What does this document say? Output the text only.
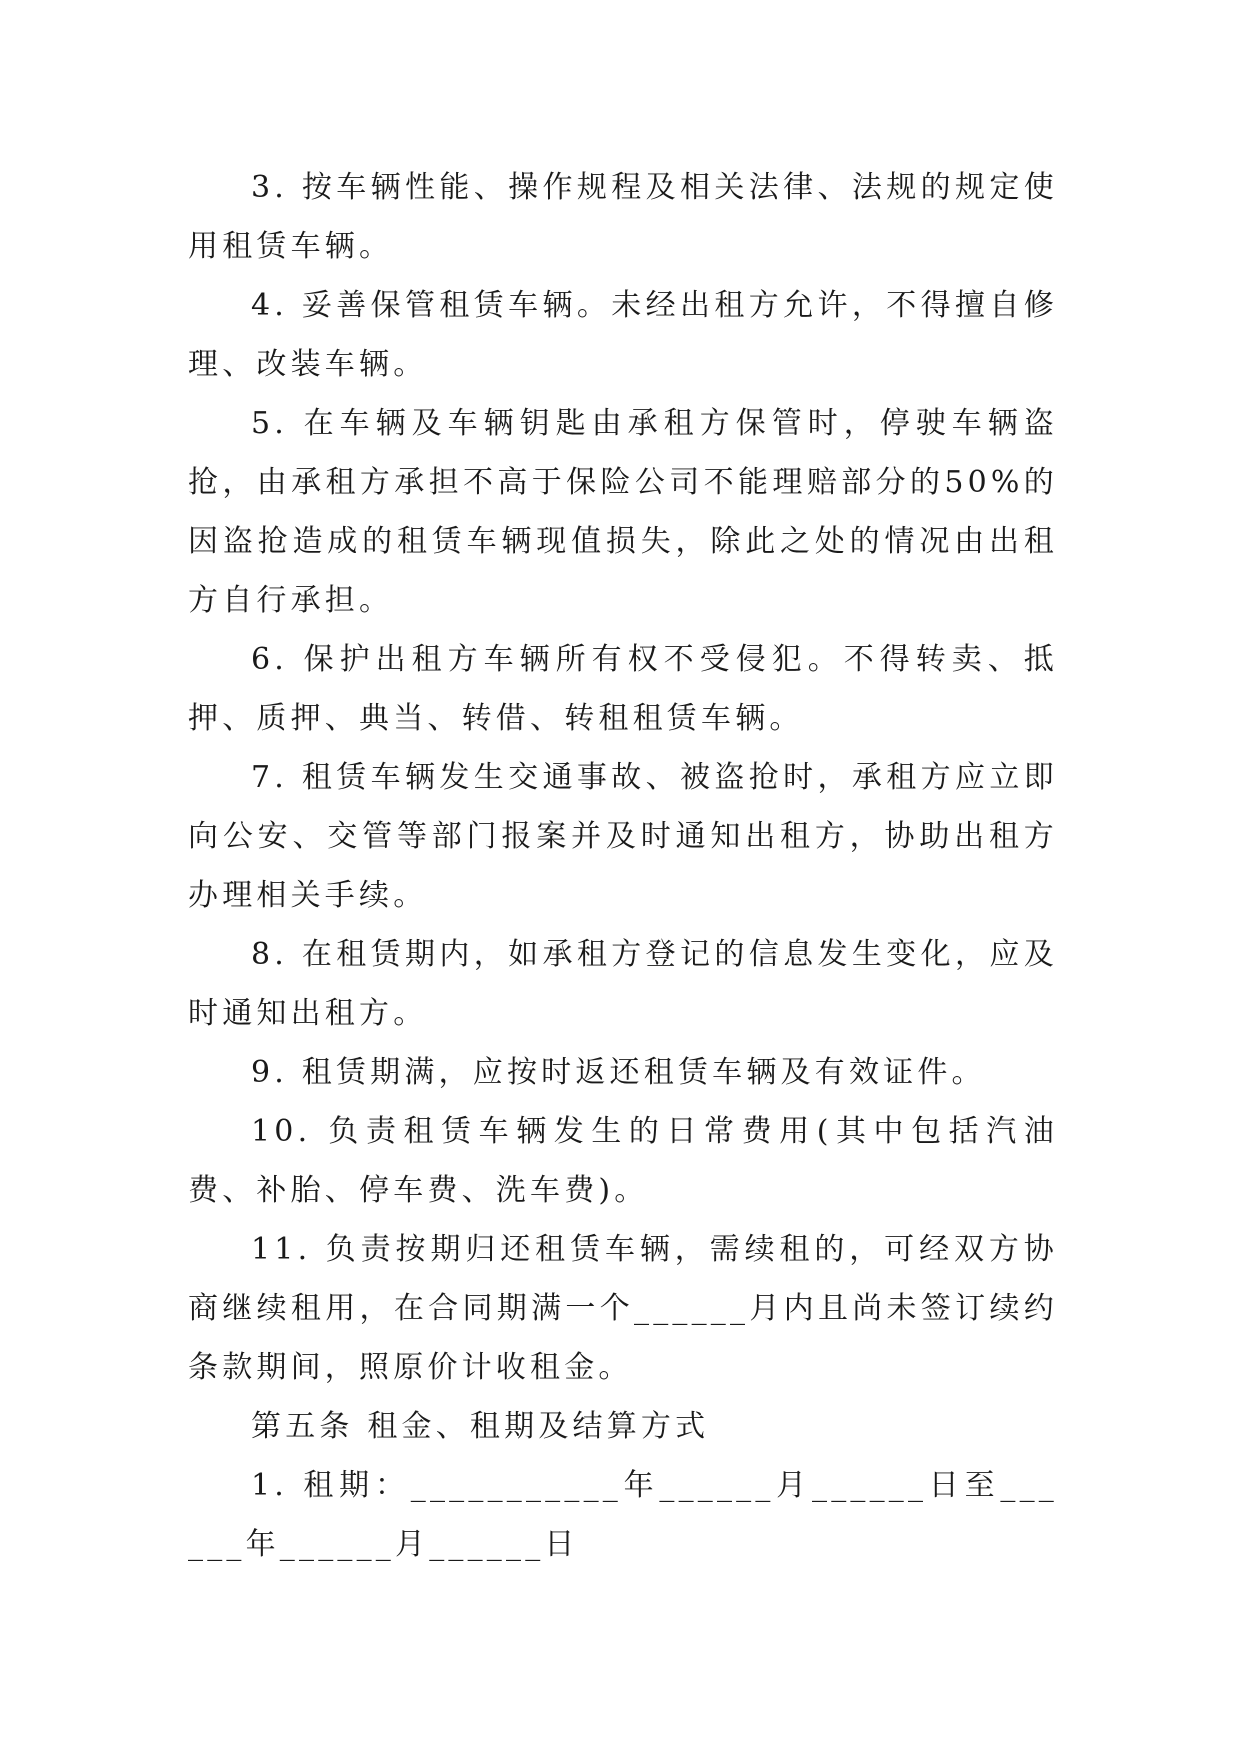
3. 按车辆性能、操作规程及相关法律、法规的规定使用租赁车辆。

4. 妥善保管租赁车辆。未经出租方允许，不得擅自修理、改装车辆。

5. 在车辆及车辆钥匙由承租方保管时，停驶车辆盗抢，由承租方承担不高于保险公司不能理赔部分的50%的因盗抢造成的租赁车辆现值损失，除此之处的情况由出租方自行承担。

6. 保护出租方车辆所有权不受侵犯。不得转卖、抵押、质押、典当、转借、转租租赁车辆。

7. 租赁车辆发生交通事故、被盗抢时，承租方应立即向公安、交管等部门报案并及时通知出租方，协助出租方办理相关手续。

8. 在租赁期内，如承租方登记的信息发生变化，应及时通知出租方。

9. 租赁期满，应按时返还租赁车辆及有效证件。

10. 负责租赁车辆发生的日常费用(其中包括汽油费、补胎、停车费、洗车费)。

11. 负责按期归还租赁车辆，需续租的，可经双方协商继续租用，在合同期满一个______月内且尚未签订续约条款期间，照原价计收租金。

第五条 租金、租期及结算方式

1. 租期：___________年______月______日至______年______月______日
